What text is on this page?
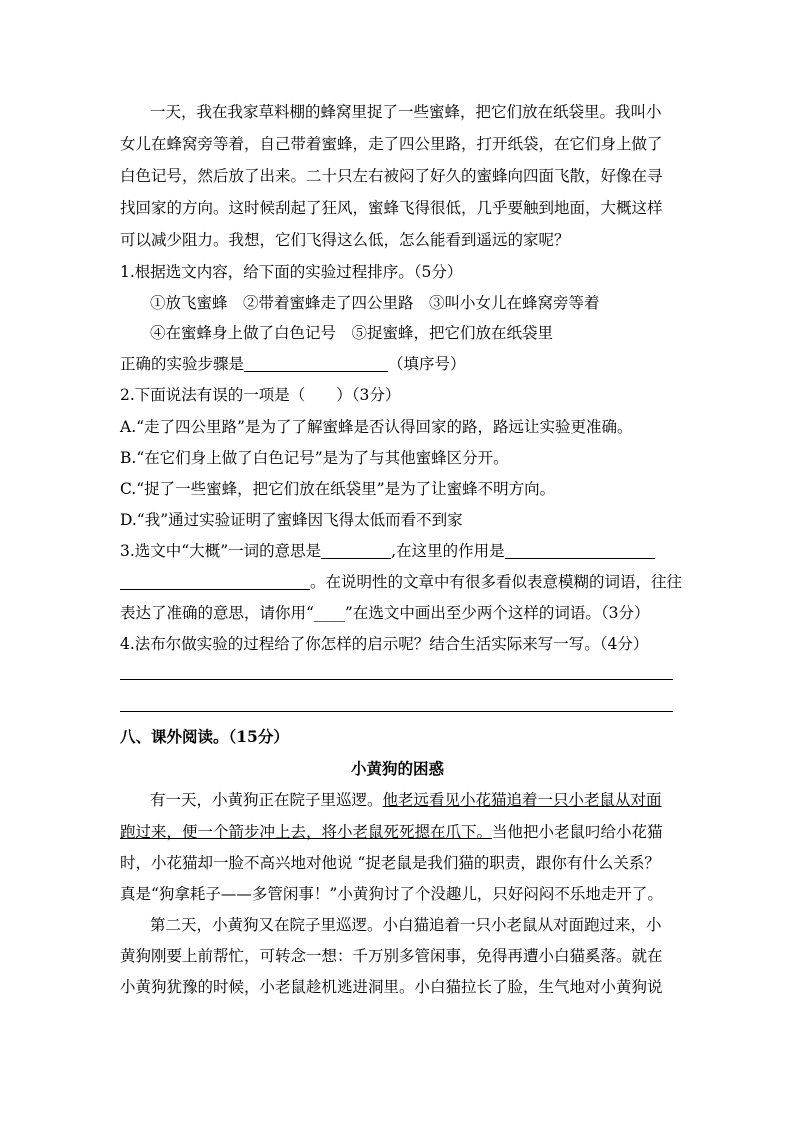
一天，我在我家草料棚的蜂窝里捉了一些蜜蜂，把它们放在纸袋里。我叫小
女儿在蜂窝旁等着，自己带着蜜蜂，走了四公里路，打开纸袋，在它们身上做了
白色记号，然后放了出来。二十只左右被闷了好久的蜜蜂向四面飞散，好像在寻
找回家的方向。这时候刮起了狂风，蜜蜂飞得很低，几乎要触到地面，大概这样
可以减少阻力。我想，它们飞得这么低，怎么能看到遥远的家呢？
1.根据选文内容，给下面的实验过程排序。（5分）
①放飞蜜蜂　②带着蜜蜂走了四公里路　③叫小女儿在蜂窝旁等着
④在蜜蜂身上做了白色记号　⑤捉蜜蜂，把它们放在纸袋里
正确的实验步骤是	（填序号）
2.下面说法有误的一项是（　　）（3分）
A.“走了四公里路”是为了了解蜜蜂是否认得回家的路，路远让实验更准确。
B.“在它们身上做了白色记号”是为了与其他蜜蜂区分开。
C.“捉了一些蜜蜂，把它们放在纸袋里”是为了让蜜蜂不明方向。
D.“我”通过实验证明了蜜蜂因飞得太低而看不到家
3.选文中“大概”一词的意思是	,在这里的作用是
。在说明性的文章中有很多看似表意模糊的词语，往往
表达了准确的意思，请你用“____”在选文中画出至少两个这样的词语。（3分）
4.法布尔做实验的过程给了你怎样的启示呢？结合生活实际来写一写。（4分）
八、课外阅读。（15分）
小黄狗的困惑
有一天，小黄狗正在院子里巡逻。他老远看见小花猫追着一只小老鼠从对面
跑过来，便一个箭步冲上去，将小老鼠死死摁在爪下。当他把小老鼠叼给小花猫
时，小花猫却一脸不高兴地对他说 “捉老鼠是我们猫的职责，跟你有什么关系？
真是“狗拿耗子——多管闲事！”小黄狗讨了个没趣儿，只好闷闷不乐地走开了。
第二天，小黄狗又在院子里巡逻。小白猫追着一只小老鼠从对面跑过来，小
黄狗刚要上前帮忙，可转念一想：千万别多管闲事，免得再遭小白猫奚落。就在
小黄狗犹豫的时候，小老鼠趁机逃进洞里。小白猫拉长了脸，生气地对小黄狗说
